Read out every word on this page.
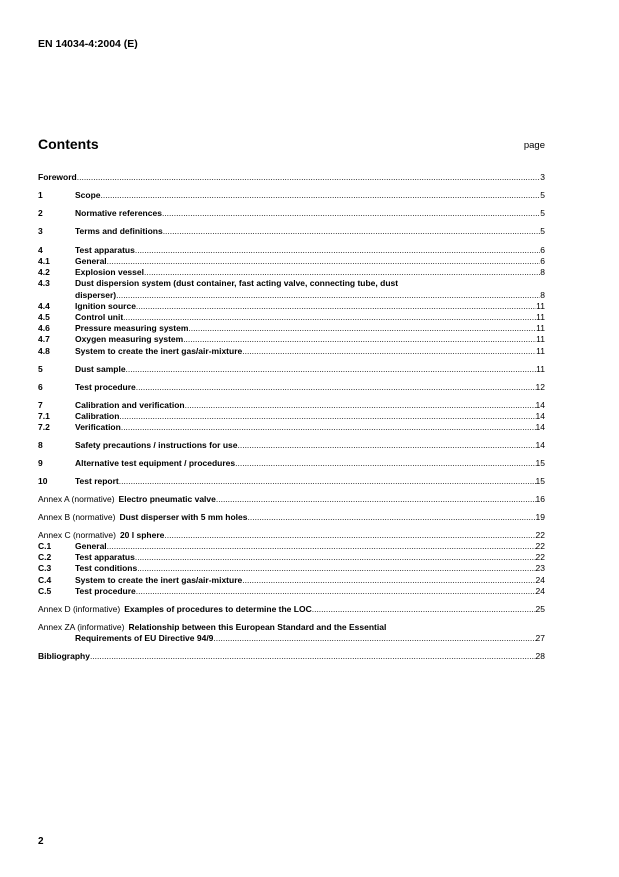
EN 14034-4:2004 (E)
Contents	page
Foreword .....	3
1	Scope .....	5
2	Normative references .....	5
3	Terms and definitions .....	5
4	Test apparatus .....	6
4.1	General .....	6
4.2	Explosion vessel .....	8
4.3	Dust dispersion system (dust container, fast acting valve, connecting tube, dust
disperser) .....	8
4.4	Ignition source .....	11
4.5	Control unit .....	11
4.6	Pressure measuring system .....	11
4.7	Oxygen measuring system .....	11
4.8	System to create the inert gas/air-mixture .....	11
5	Dust sample .....	11
6	Test procedure .....	12
7	Calibration and verification .....	14
7.1	Calibration .....	14
7.2	Verification .....	14
8	Safety precautions / instructions for use .....	14
9	Alternative test equipment / procedures .....	15
10	Test report .....	15
Annex A (normative) Electro pneumatic valve .....	16
Annex B (normative) Dust disperser with 5 mm holes .....	19
Annex C (normative) 20 l sphere .....	22
C.1	General .....	22
C.2	Test apparatus .....	22
C.3	Test conditions .....	23
C.4	System to create the inert gas/air-mixture .....	24
C.5	Test procedure .....	24
Annex D (informative) Examples of procedures to determine the LOC .....	25
Annex ZA (informative) Relationship between this European Standard and the Essential
Requirements of EU Directive 94/9 .....	27
Bibliography .....	28
2
